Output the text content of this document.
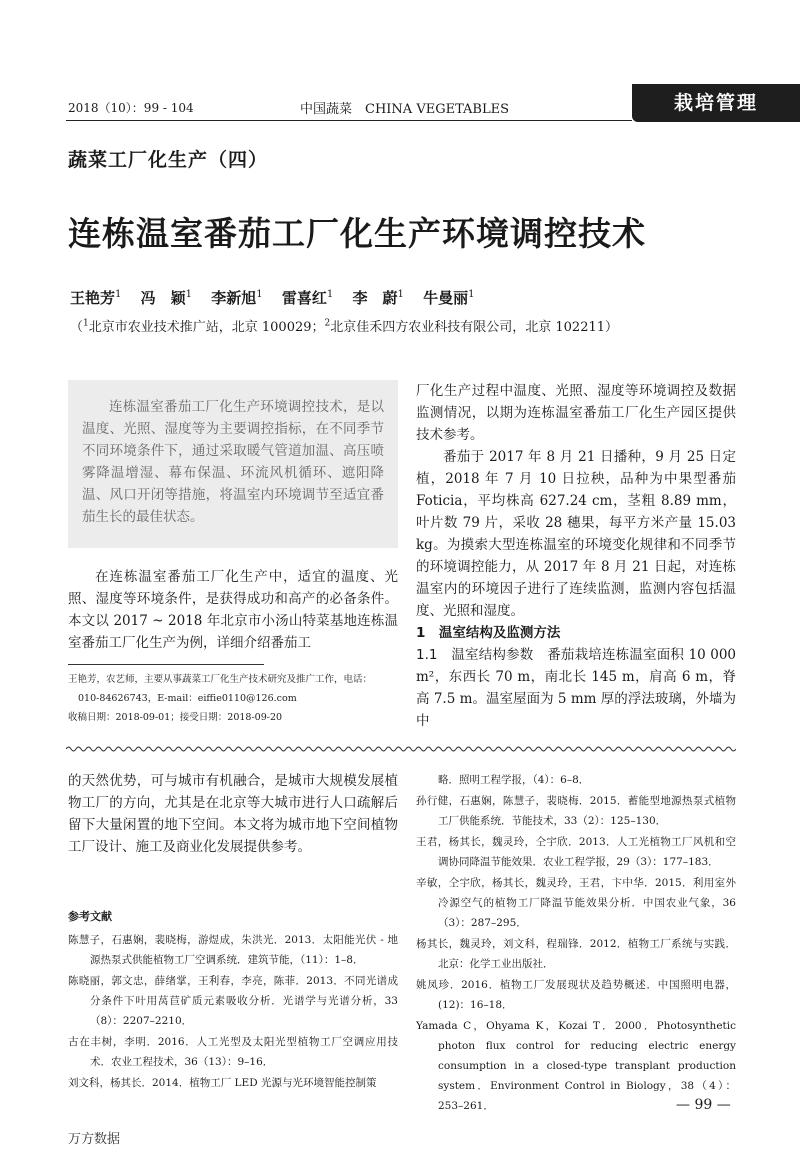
2018（10）：99 - 104	中国蔬菜　CHINA VEGETABLES	栽培管理
蔬菜工厂化生产（四）
连栋温室番茄工厂化生产环境调控技术
王艳芳$^1$ 冯　颖$^1$ 李新旭$^1$ 雷喜红$^1$ 李　蔚$^1$ 牛曼丽$^1$
（$^1$北京市农业技术推广站，北京 100029；$^2$北京佳禾四方农业科技有限公司，北京 102211）
连栋温室番茄工厂化生产环境调控技术，是以温度、光照、湿度等为主要调控指标，在不同季节不同环境条件下，通过采取暖气管道加温、高压喷雾降温增湿、幕布保温、环流风机循环、遮阳降温、风口开闭等措施，将温室内环境调节至适宜番茄生长的最佳状态。

在连栋温室番茄工厂化生产中，适宜的温度、光照、湿度等环境条件，是获得成功和高产的必备条件。本文以 2017 ~ 2018 年北京市小汤山特菜基地连栋温室番茄工厂化生产为例，详细介绍番茄工

王艳芳，农艺师，主要从事蔬菜工厂化生产技术研究及推广工作，电话：
010-84626743，E-mail：eiffie0110@126.com
收稿日期：2018-09-01；接受日期：2018-09-20

厂化生产过程中温度、光照、湿度等环境调控及数据监测情况，以期为连栋温室番茄工厂化生产园区提供技术参考。

番茄于 2017 年 8 月 21 日播种，9 月 25 日定植，2018 年 7 月 10 日拉秧，品种为中果型番茄 Foticia，平均株高 627.24 cm，茎粗 8.89 mm，叶片数 79 片，采收 28 穗果，每平方米产量 15.03 kg。为摸索大型连栋温室的环境变化规律和不同季节的环境调控能力，从 2017 年 8 月 21 日起，对连栋温室内的环境因子进行了连续监测，监测内容包括温度、光照和湿度。

1　温室结构及监测方法

1.1　温室结构参数　 番茄栽培连栋温室面积 10 000 m²，东西长 70 m，南北长 145 m，肩高 6 m，脊高 7.5 m。温室屋面为 5 mm 厚的浮法玻璃，外墙为中

的天然优势，可与城市有机融合，是城市大规模发展植物工厂的方向，尤其是在北京等大城市进行人口疏解后留下大量闲置的地下空间。本文将为城市地下空间植物工厂设计、施工及商业化发展提供参考。

参考文献

陈慧子，石惠娴，裴晓梅，游煜成，朱洪光．2013．太阳能光伏 - 地源热泵式供能植物工厂空调系统．建筑节能，（11）：1–8．

陈晓丽，郭文忠，薛绪掌，王利春，李亮，陈菲．2013．不同光谱成分条件下叶用莴苣矿质元素吸收分析．光谱学与光谱分析，33（8）：2207–2210．

古在丰树，李明．2016．人工光型及太阳光型植物工厂空调应用技术．农业工程技术，36（13）：9–16．

刘文科，杨其长．2014．植物工厂 LED 光源与光环境智能控制策

略．照明工程学报，（4）：6–8．

孙行健，石惠娴，陈慧子，裴晓梅．2015．蓄能型地源热泵式植物工厂供能系统．节能技术，33（2）：125–130．

王君，杨其长，魏灵玲，仝宇欣．2013．人工光植物工厂风机和空调协同降温节能效果．农业工程学报，29（3）：177–183．

辛敏，仝宇欣，杨其长，魏灵玲，王君，卞中华．2015．利用室外冷源空气的植物工厂降温节能效果分析．中国农业气象，36（3）：287–295．

杨其长，魏灵玲，刘文科，程瑞锋．2012．植物工厂系统与实践．北京：化学工业出版社．

姚凤珍．2016．植物工厂发展现状及趋势概述．中国照明电器，(12)：16–18．

Yamada C，Ohyama K，Kozai T．2000．Photosynthetic photon flux control for reducing electric energy consumption in a closed-type transplant production system．Environment Control in Biology，38（4）：253–261．	— 99 —
万方数据
